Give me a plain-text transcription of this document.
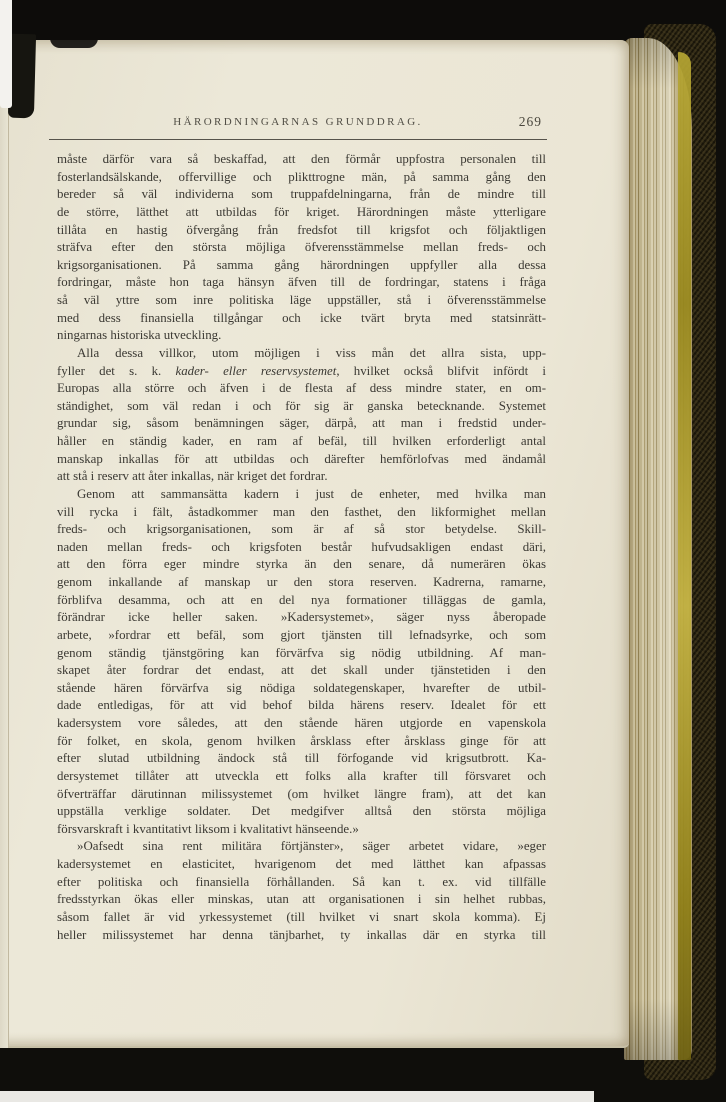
HÄRORDNINGARNAS GRUNDDRAG.	269
måste därför vara så beskaffad, att den förmår uppfostra personalen till
fosterlandsälskande, offervillige och plikttrogne män, på samma gång den
bereder så väl individerna som truppafdelningarna, från de mindre till
de större, lätthet att utbildas för kriget. Härordningen måste ytterligare
tillåta en hastig öfvergång från fredsfot till krigsfot och följaktligen
sträfva efter den största möjliga öfverensstämmelse mellan freds- och
krigsorganisationen. På samma gång härordningen uppfyller alla dessa
fordringar, måste hon taga hänsyn äfven till de fordringar, statens i fråga
så väl yttre som inre politiska läge uppställer, stå i öfverensstämmelse
med dess finansiella tillgångar och icke tvärt bryta med statsinrätt-
ningarnas historiska utveckling.
Alla dessa villkor, utom möjligen i viss mån det allra sista, upp-
fyller det s. k. kader- eller reservsystemet, hvilket också blifvit infördt i
Europas alla större och äfven i de flesta af dess mindre stater, en om-
ständighet, som väl redan i och för sig är ganska betecknande. Systemet
grundar sig, såsom benämningen säger, därpå, att man i fredstid under-
håller en ständig kader, en ram af befäl, till hvilken erforderligt antal
manskap inkallas för att utbildas och därefter hemförlofvas med ändamål
att stå i reserv att åter inkallas, när kriget det fordrar.
Genom att sammansätta kadern i just de enheter, med hvilka man
vill rycka i fält, åstadkommer man den fasthet, den likformighet mellan
freds- och krigsorganisationen, som är af så stor betydelse. Skill-
naden mellan freds- och krigsfoten består hufvudsakligen endast däri,
att den förra eger mindre styrka än den senare, då numerären ökas
genom inkallande af manskap ur den stora reserven. Kadrerna, ramarne,
förblifva desamma, och att en del nya formationer tilläggas de gamla,
förändrar icke heller saken. »Kadersystemet», säger nyss åberopade
arbete, »fordrar ett befäl, som gjort tjänsten till lefnadsyrke, och som
genom ständig tjänstgöring kan förvärfva sig nödig utbildning. Af man-
skapet åter fordrar det endast, att det skall under tjänstetiden i den
stående hären förvärfva sig nödiga soldategenskaper, hvarefter de utbil-
dade entledigas, för att vid behof bilda härens reserv. Idealet för ett
kadersystem vore således, att den stående hären utgjorde en vapenskola
för folket, en skola, genom hvilken årsklass efter årsklass ginge för att
efter slutad utbildning ändock stå till förfogande vid krigsutbrott. Ka-
dersystemet tillåter att utveckla ett folks alla krafter till försvaret och
öfverträffar därutinnan milissystemet (om hvilket längre fram), att det kan
uppställa verklige soldater. Det medgifver alltså den största möjliga
försvarskraft i kvantitativt liksom i kvalitativt hänseende.»
»Oafsedt sina rent militära förtjänster», säger arbetet vidare, »eger
kadersystemet en elasticitet, hvarigenom det med lätthet kan afpassas
efter politiska och finansiella förhållanden. Så kan t. ex. vid tillfälle
fredsstyrkan ökas eller minskas, utan att organisationen i sin helhet rubbas,
såsom fallet är vid yrkessystemet (till hvilket vi snart skola komma). Ej
heller milissystemet har denna tänjbarhet, ty inkallas där en styrka till
